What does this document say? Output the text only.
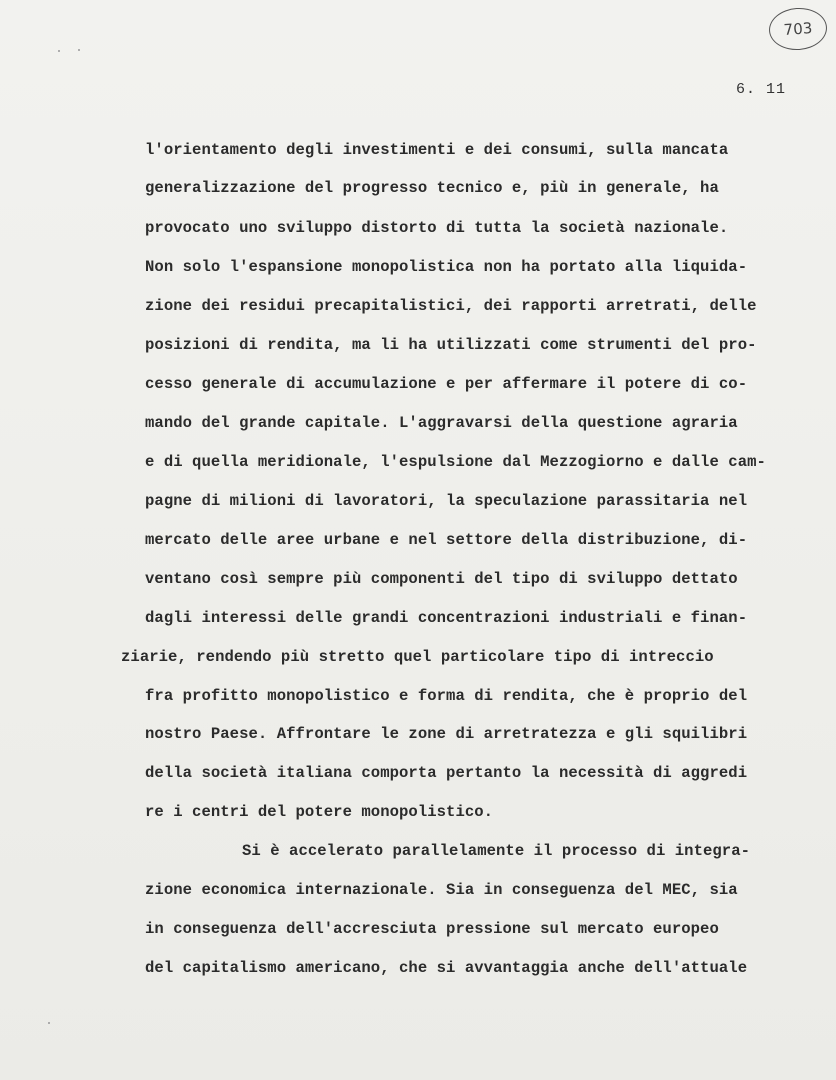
703
6. 11
l'orientamento degli investimenti e dei consumi, sulla mancata
generalizzazione del progresso tecnico e, più in generale, ha
provocato uno sviluppo distorto di tutta la società nazionale.
Non solo l'espansione monopolistica non ha portato alla liquida-
zione dei residui precapitalistici, dei rapporti arretrati, delle
posizioni di rendita, ma li ha utilizzati come strumenti del pro-
cesso generale di accumulazione e per affermare il potere di co-
mando del grande capitale. L'aggravarsi della questione agraria
e di quella meridionale, l'espulsione dal Mezzogiorno e dalle cam-
pagne di milioni di lavoratori, la speculazione parassitaria nel
mercato delle aree urbane e nel settore della distribuzione, di-
ventano così sempre più componenti del tipo di sviluppo dettato
dagli interessi delle grandi concentrazioni industriali e finan-
ziarie, rendendo più stretto quel particolare tipo di intreccio
fra profitto monopolistico e forma di rendita, che è proprio del
nostro Paese. Affrontare le zone di arretratezza e gli squilibri
della società italiana comporta pertanto la necessità di aggredi
re i centri del potere monopolistico.
Si è accelerato parallelamente il processo di integra-
zione economica internazionale. Sia in conseguenza del MEC, sia
in conseguenza dell'accresciuta pressione sul mercato europeo
del capitalismo americano, che si avvantaggia anche dell'attuale
